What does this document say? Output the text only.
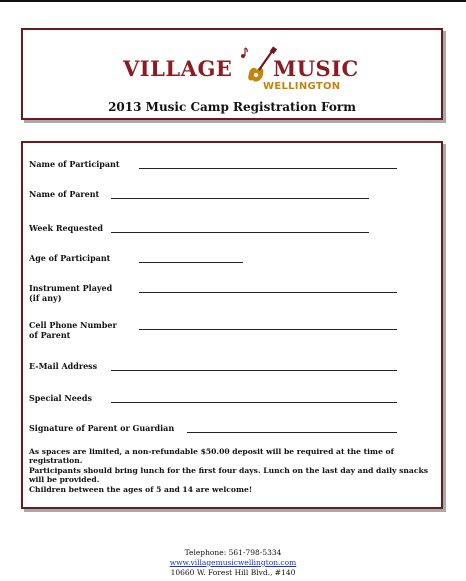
VILLAGE MUSIC
WELLINGTON
2013 Music Camp Registration Form
Name of Participant
Name of Parent
Week Requested
Age of Participant
Instrument Played
(if any)
Cell Phone Number
of Parent
E-Mail Address
Special Needs
Signature of Parent or Guardian

As spaces are limited, a non-refundable $50.00 deposit will be required at the time of registration.

Participants should bring lunch for the first four days. Lunch on the last day and daily snacks will be provided.

Children between the ages of 5 and 14 are welcome!

Telephone: 561-798-5334
www.villagemusicwellington.com
10660 W. Forest Hill Blvd., #140
